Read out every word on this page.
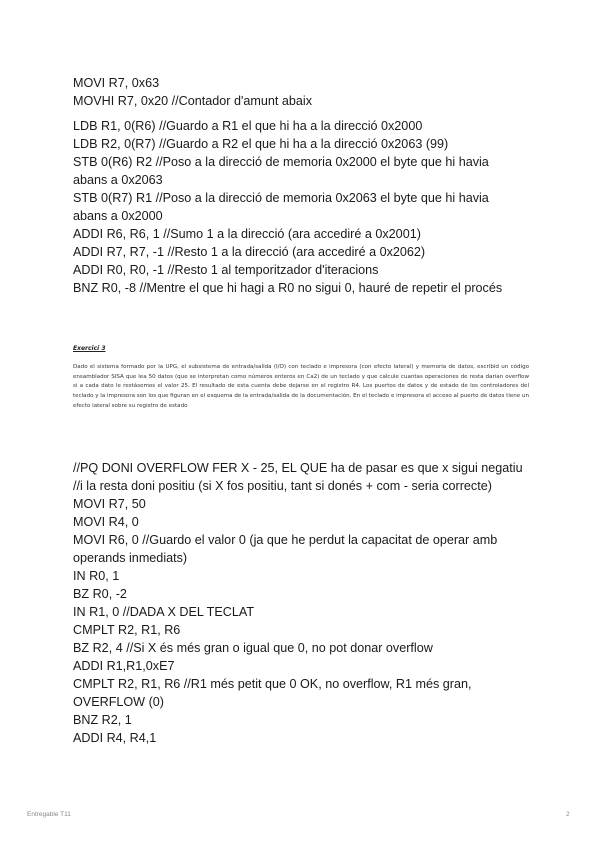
MOVI R7, 0x63
MOVHI R7, 0x20 //Contador d'amunt abaix
LDB R1, 0(R6) //Guardo a R1 el que hi ha a la direcció 0x2000
LDB R2, 0(R7) //Guardo a R2 el que hi ha a la direcció 0x2063 (99)
STB 0(R6) R2 //Poso a la direcció de memoria 0x2000 el byte que hi havia
abans a 0x2063
STB 0(R7) R1 //Poso a la direcció de memoria 0x2063 el byte que hi havia
abans a 0x2000
ADDI R6, R6, 1 //Sumo 1 a la direcció (ara accediré a 0x2001)
ADDI R7, R7, -1 //Resto 1 a la direcció (ara accediré a 0x2062)
ADDI R0, R0, -1 //Resto 1 al temporitzador d'iteracions
BNZ R0, -8 //Mentre el que hi hagi a R0 no sigui 0, hauré de repetir el procés
Exercici 3
Dado el sistema formado por la UPG, el subsistema de entrada/salida (I/O) con teclado e impresora (con efecto lateral) y memoria de datos, escribid un código ensamblador SISA que lea 50 datos (que se interpretan como números enteros en Ca2) de un teclado y que calcule cuantas operaciones de resta darían overflow si a cada dato le restásemos el valor 25. El resultado de esta cuenta debe dejarse en el registro R4. Los puertos de datos y de estado de los controladores del teclado y la impresora son los que figuran en el esquema de la entrada/salida de la documentación. En el teclado e impresora el acceso al puerto de datos tiene un efecto lateral sobre su registro de estado
//PQ DONI OVERFLOW FER X - 25, EL QUE ha de pasar es que x sigui negatiu
//i la resta doni positiu (si X fos positiu, tant si donés + com - seria correcte)
MOVI R7, 50
MOVI R4, 0
MOVI R6, 0 //Guardo el valor 0 (ja que he perdut la capacitat de operar amb
operands inmediats)
IN R0, 1
BZ R0, -2
IN R1, 0 //DADA X DEL TECLAT
CMPLT R2, R1, R6
BZ R2, 4 //Si X és més gran o igual que 0, no pot donar overflow
ADDI R1,R1,0xE7
CMPLT R2, R1, R6 //R1 més petit que 0 OK, no overflow, R1 més gran,
OVERFLOW (0)
BNZ R2, 1
ADDI R4, R4,1
Entregable T11	2
